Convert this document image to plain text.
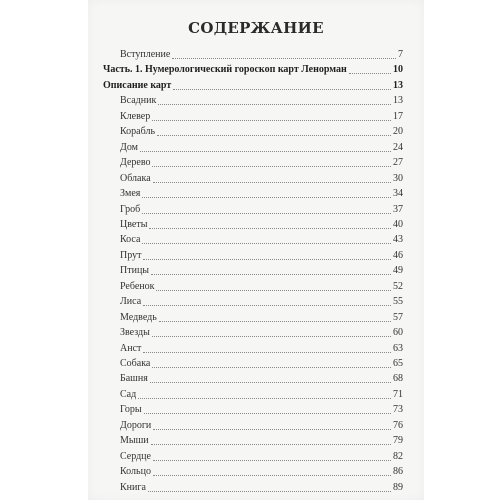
СОДЕРЖАНИЕ
Вступление	7
Часть. 1. Нумерологический гороскоп карт Ленорман	10
Описание карт	13
Всадник	13
Клевер	17
Корабль	20
Дом	24
Дерево	27
Облака	30
Змея	34
Гроб	37
Цветы	40
Коса	43
Прут	46
Птицы	49
Ребенок	52
Лиса	55
Медведь	57
Звезды	60
Анст	63
Собака	65
Башня	68
Сад	71
Горы	73
Дороги	76
Мыши	79
Сердце	82
Кольцо	86
Книга	89
